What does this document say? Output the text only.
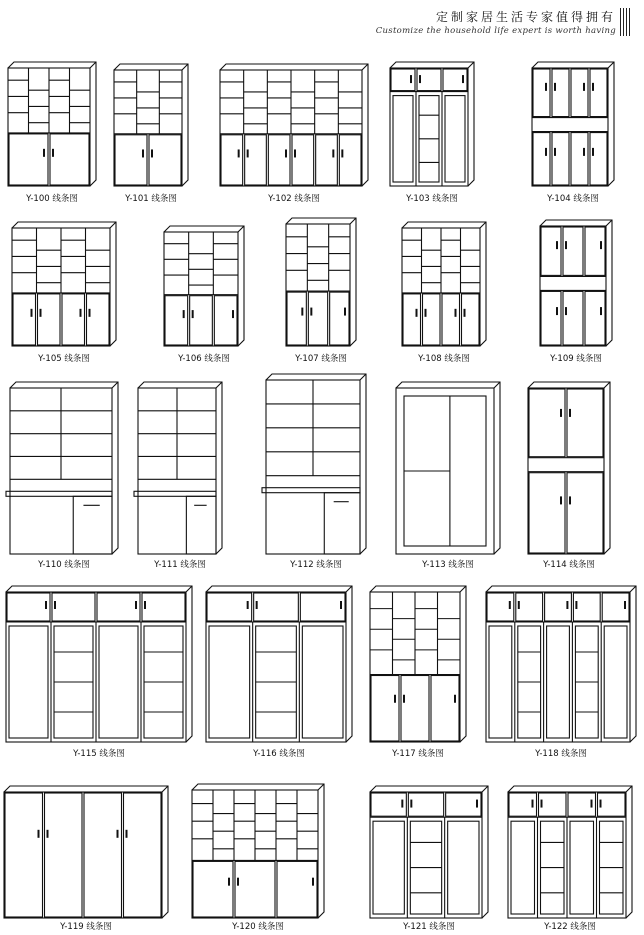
定制家居生活专家值得拥有
Customize the household life expert is worth having
Y-100 线条图	Y-101 线条图	Y-102 线条图	Y-103 线条图	Y-104 线条图
Y-105 线条图	Y-106 线条图	Y-107 线条图	Y-108 线条图	Y-109 线条图
Y-110 线条图	Y-111 线条图	Y-112 线条图	Y-113 线条图	Y-114 线条图
Y-115 线条图	Y-116 线条图	Y-117 线条图	Y-118 线条图
Y-119 线条图	Y-120 线条图	Y-121 线条图	Y-122 线条图
